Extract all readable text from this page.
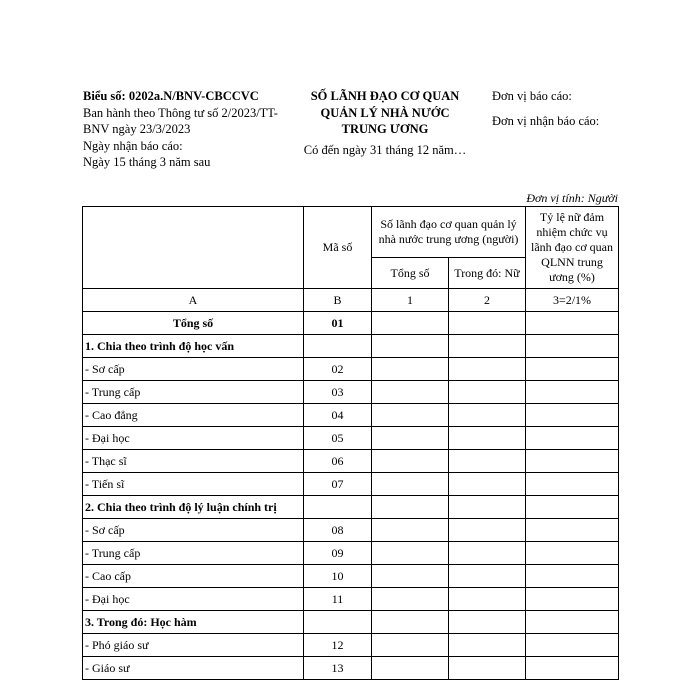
Biểu số: 0202a.N/BNV-CBCCVC
Ban hành theo Thông tư số 2/2023/TT-BNV ngày 23/3/2023
Ngày nhận báo cáo:
Ngày 15 tháng 3 năm sau
SỐ LÃNH ĐẠO CƠ QUAN
QUẢN LÝ NHÀ NƯỚC
TRUNG ƯƠNG
Có đến ngày 31 tháng 12 năm…
Đơn vị báo cáo:
Đơn vị nhận báo cáo:
Đơn vị tính: Người
	Mã số	Số lãnh đạo cơ quan quản lý nhà nước trung ương (người)		Tỷ lệ nữ đảm nhiệm chức vụ lãnh đạo cơ quan QLNN trung ương (%)
		Tổng số	Trong đó: Nữ	
A	B	1	2	3=2/1%
Tổng số	01			
1. Chia theo trình độ học vấn				
- Sơ cấp	02			
- Trung cấp	03			
- Cao đẳng	04			
- Đại học	05			
- Thạc sĩ	06			
- Tiến sĩ	07			
2. Chia theo trình độ lý luận chính trị				
- Sơ cấp	08			
- Trung cấp	09			
- Cao cấp	10			
- Đại học	11			
3. Trong đó: Học hàm				
- Phó giáo sư	12			
- Giáo sư	13			
